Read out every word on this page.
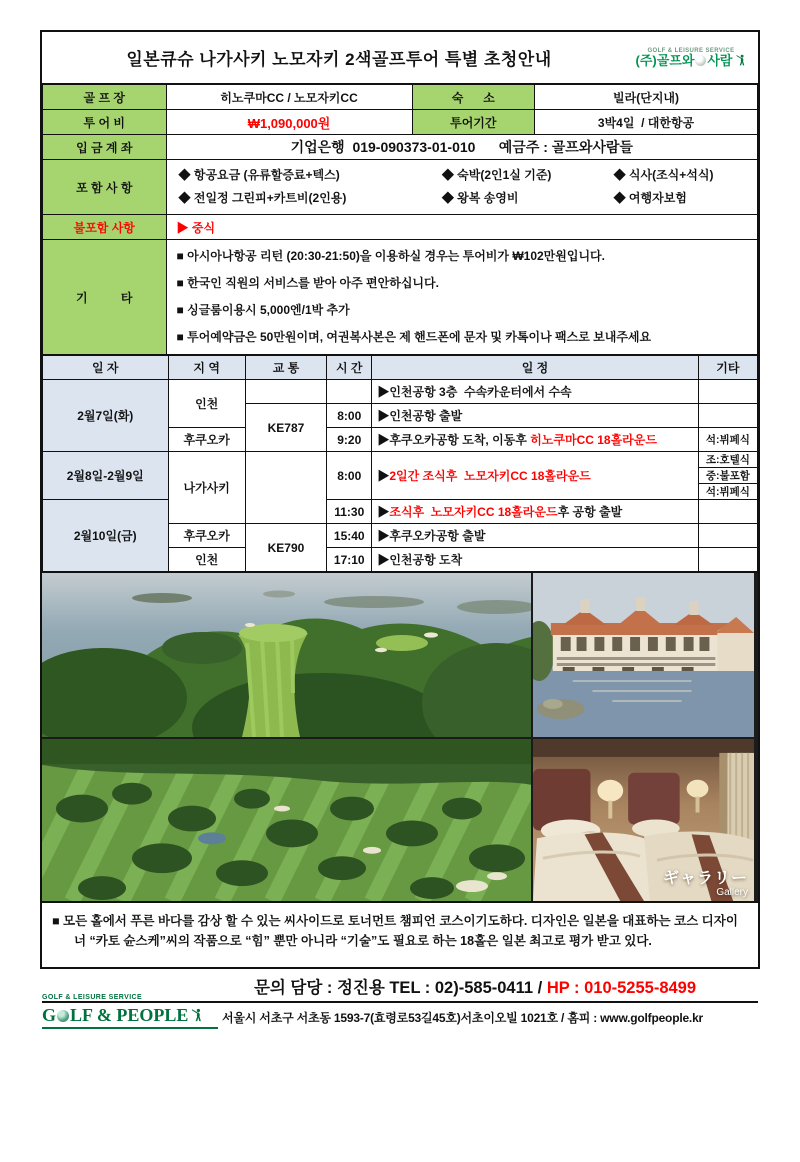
일본큐슈 나가사키 노모자키 2색골프투어 특별 초청안내	GOLF & LEISURE SERVICE
(주)골프와 사람
골 프 장	히노쿠마CC / 노모자키CC	숙      소	빌라(단지내)
투 어 비	₩1,090,000원	투어기간	3박4일  / 대한항공
입 금 계 좌	기업은행  019-090373-01-010      예금주 : 골프와사람들		
포 함 사 항	
◆ 항공요금 (유류할증료+텍스)	◆ 숙박(2인1실 기준)	◆ 식사(조식+석식)
◆ 전일정 그린피+카트비(2인용)	◆ 왕복 송영비	◆ 여행자보험

불포함 사항	▶ 중식		
기          타	■ 아시아나항공 리턴 (20:30-21:50)을 이용하실 경우는 투어비가 ₩102만원입니다.
■ 한국인 직원의 서비스를 받아 아주 편안하십니다.
■ 싱글룸이용시 5,000엔/1박 추가
■ 투어예약금은 50만원이며, 여권복사본은 제 핸드폰에 문자 및 카톡이나 팩스로 보내주세요		
일 자	지 역	교 통	시 간	일 정	기타
2월7일(화)	인천			▶인천공항 3층  수속카운터에서 수속	
		KE787	8:00	▶인천공항 출발	
	후쿠오카		9:20	▶후쿠오카공항 도착, 이동후 히노쿠마CC 18홀라운드	석:뷔페식
2월8일-2월9일	나가사키		8:00	▶2일간 조식후  노모자키CC 18홀라운드	조:호텔식
					중:불포함
					석:뷔페식
2월10일(금)			11:30	▶조식후  노모자키CC 18홀라운드후 공항 출발	
	후쿠오카	KE790	15:40	▶후쿠오카공항 출발	
	인천		17:10	▶인천공항 도착	
ギャラリー
Gallery
■ 모든 홀에서 푸른 바다를 감상 할 수 있는 씨사이드로 토너먼트 챔피언 코스이기도하다. 디자인은 일본을 대표하는 코스 디자이너 “카토 슌스케”씨의 작품으로 “힘” 뿐만 아니라 “기술”도 필요로 하는 18홀은 일본 최고로 평가 받고 있다.
GOLF & LEISURE SERVICE
문의 담당 : 정진용 TEL : 02)-585-0411 / HP : 010-5255-8499
G LF & PEOPLE	서울시 서초구 서초동 1593-7(효령로53길45호)서초이오빌 1021호 / 홈피 : www.golfpeople.kr
